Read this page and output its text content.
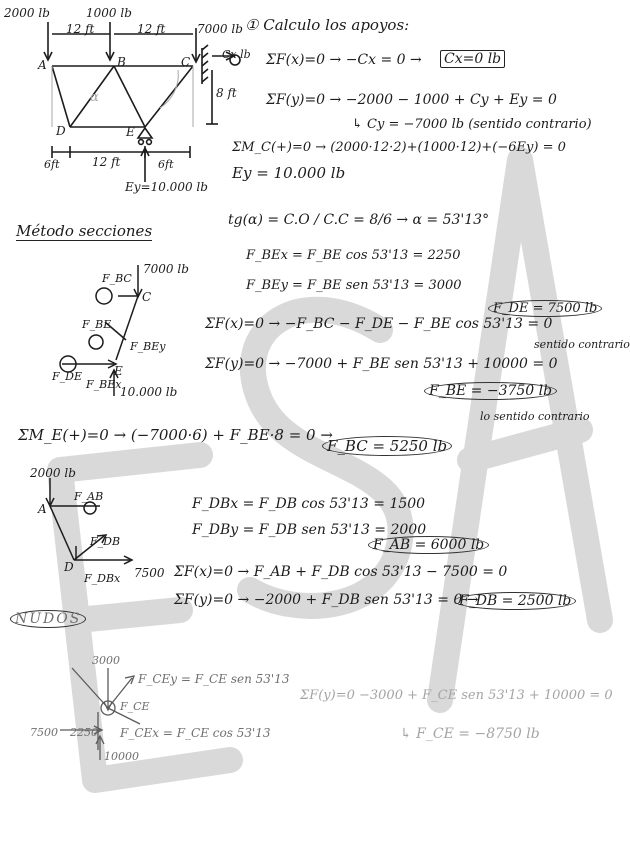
2000 lb	1000 lb
7000 lb
12 ft	12 ft
8 ft
6ft	12 ft	6ft
Ey=10.000 lb
Cx lb
A	B	C
D	E
α
① Calculo los apoyos:
ΣF(x)=0 → −Cx = 0 → Cx=0 lb
ΣF(y)=0 → −2000 − 1000 + Cy + Ey = 0
↳ Cy = −7000 lb (sentido contrario)
ΣM_C(+)=0 → (2000·12·2)+(1000·12)+(−6Ey) = 0
Ey = 10.000 lb
Método secciones
tg(α) = C.O / C.C = 8/6 → α = 53'13°
F_BEx = F_BE cos 53'13 = 2250
F_BEy = F_BE sen 53'13 = 3000
7000 lb
F_BC
C
F_BE
F_BEy
F_DE	E
F_BEx
10.000 lb
ΣF(x)=0 → −F_BC − F_DE − F_BE cos 53'13 = 0
F_DE = 7500 lb
sentido contrario
ΣF(y)=0 → −7000 + F_BE sen 53'13 + 10000 = 0
F_BE = −3750 lb
lo sentido contrario
ΣM_E(+)=0 → (−7000·6) + F_BE·8 = 0 →
F_BC = 5250 lb
2000 lb
A
F_AB
F_DB
D
F_DBx 7500
F_DBx = F_DB cos 53'13 = 1500
F_DBy = F_DB sen 53'13 = 2000
F_AB = 6000 lb
ΣF(x)=0 → F_AB + F_DB cos 53'13 − 7500 = 0
ΣF(y)=0 → −2000 + F_DB sen 53'13 = 0 →
F_DB = 2500 lb
NUDOS
3000
F_CEy = F_CE sen 53'13
F_CE
7500 2250 F_CEx = F_CE cos 53'13
10000
ΣF(y)=0 −3000 + F_CE sen 53'13 + 10000 = 0
↳ F_CE = −8750 lb
